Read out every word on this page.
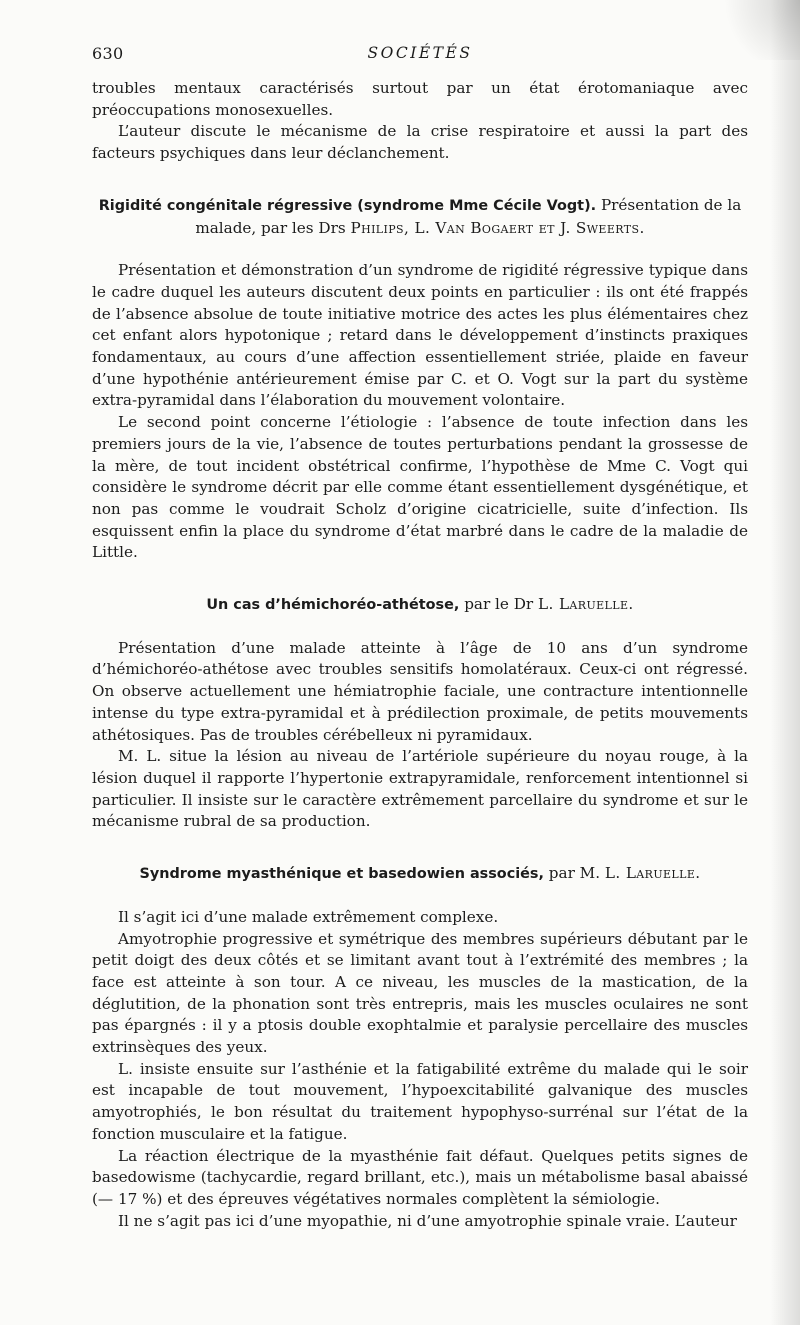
630	SOCIÉTÉS

troubles mentaux caractérisés surtout par un état érotomaniaque avec préoccupations monosexuelles.

L’auteur discute le mécanisme de la crise respiratoire et aussi la part des facteurs psychiques dans leur déclanchement.

Rigidité congénitale régressive (syndrome Mme Cécile Vogt). Présentation de la malade, par les Drs Philips, L. Van Bogaert et J. Sweerts.

Présentation et démonstration d’un syndrome de rigidité régressive typique dans le cadre duquel les auteurs discutent deux points en particulier : ils ont été frappés de l’absence absolue de toute initiative motrice des actes les plus élémentaires chez cet enfant alors hypotonique ; retard dans le développement d’instincts praxiques fondamentaux, au cours d’une affection essentiellement striée, plaide en faveur d’une hypothénie antérieurement émise par C. et O. Vogt sur la part du système extra-pyramidal dans l’élaboration du mouvement volontaire.

Le second point concerne l’étiologie : l’absence de toute infection dans les premiers jours de la vie, l’absence de toutes perturbations pendant la grossesse de la mère, de tout incident obstétrical confirme, l’hypothèse de Mme C. Vogt qui considère le syndrome décrit par elle comme étant essentiellement dysgénétique, et non pas comme le voudrait Scholz d’origine cicatricielle, suite d’infection. Ils esquissent enfin la place du syndrome d’état marbré dans le cadre de la maladie de Little.

Un cas d’hémichoréo-athétose, par le Dr L. Laruelle.

Présentation d’une malade atteinte à l’âge de 10 ans d’un syndrome d’hémichoréo-athétose avec troubles sensitifs homolatéraux. Ceux-ci ont régressé. On observe actuellement une hémiatrophie faciale, une contracture intentionnelle intense du type extra-pyramidal et à prédilection proximale, de petits mouvements athétosiques. Pas de troubles cérébelleux ni pyramidaux.

M. L. situe la lésion au niveau de l’artériole supérieure du noyau rouge, à la lésion duquel il rapporte l’hypertonie extrapyramidale, renforcement intentionnel si particulier. Il insiste sur le caractère extrêmement parcellaire du syndrome et sur le mécanisme rubral de sa production.

Syndrome myasthénique et basedowien associés, par M. L. Laruelle.

Il s’agit ici d’une malade extrêmement complexe.

Amyotrophie progressive et symétrique des membres supérieurs débutant par le petit doigt des deux côtés et se limitant avant tout à l’extrémité des membres ; la face est atteinte à son tour. A ce niveau, les muscles de la mastication, de la déglutition, de la phonation sont très entrepris, mais les muscles oculaires ne sont pas épargnés : il y a ptosis double exophtalmie et paralysie percellaire des muscles extrinsèques des yeux.

L. insiste ensuite sur l’asthénie et la fatigabilité extrême du malade qui le soir est incapable de tout mouvement, l’hypoexcitabilité galvanique des muscles amyotrophiés, le bon résultat du traitement hypophyso-surrénal sur l’état de la fonction musculaire et la fatigue.

La réaction électrique de la myasthénie fait défaut. Quelques petits signes de basedowisme (tachycardie, regard brillant, etc.), mais un métabolisme basal abaissé (— 17 %) et des épreuves végétatives normales complètent la sémiologie.

Il ne s’agit pas ici d’une myopathie, ni d’une amyotrophie spinale vraie. L’auteur
